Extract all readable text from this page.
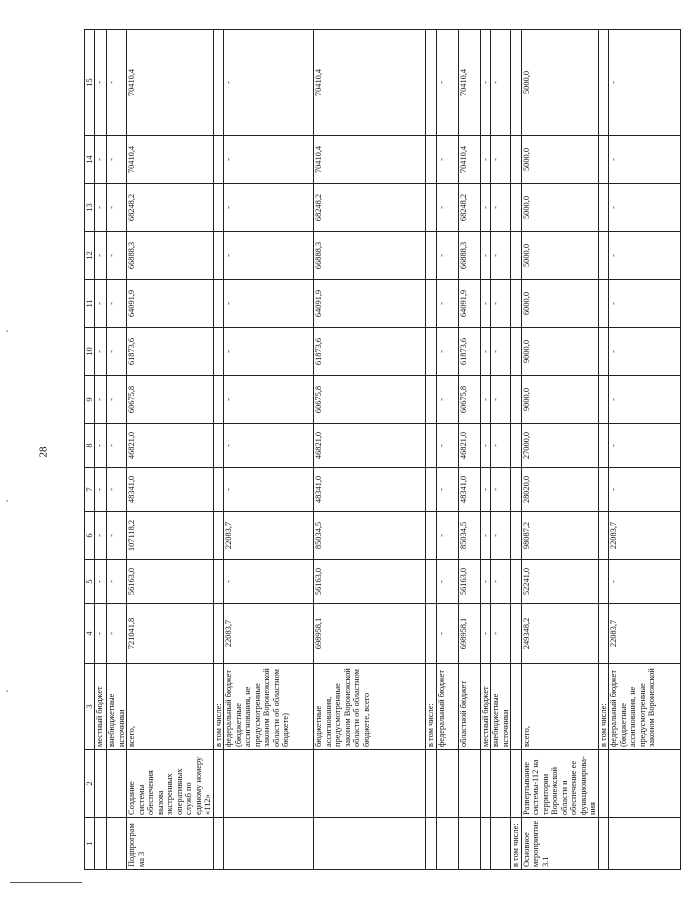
28
1	2	3	4	5	6	7	8	9	10	11	12	13	14	15
		местный бюджет	-	-	-	-	-	-	-	-	-	-	-	-
		внебюджетные источники	-	-	-	-	-	-	-	-	-	-	-	-
Подпрограмма 3	Создание системы обеспечения вызова экстренных оперативных служб по единому номеру «112»	всего,	721041,8	56163,0	107118,2	48341,0	46821,0	60675,8	61873,6	64091,9	66888,3	68248,2	70410,4	70410,4
		в том числе:												
		федеральный бюджет (бюджетные ассигнования, не предусмотренные законом Воронежской области об областном бюджете)	22083,7	-	22083,7	-	-	-	-	-	-	-	-	-
		бюджетные ассигнования, предусмотренные законом Воронежской области об областном бюджете, всего	698958,1	56163,0	85034,5	48341,0	46821,0	60675,8	61873,6	64091,9	66888,3	68248,2	70410,4	70410,4
		в том числе:												
		федеральный бюджет	-	-	-	-	-	-	-	-	-	-	-	-
		областной бюджет	698958,1	56163,0	85034,5	48341,0	46821,0	60675,8	61873,6	64091,9	66888,3	68248,2	70410,4	70410,4
		местный бюджет	-	-	-	-	-	-	-	-	-	-	-	-
		внебюджетные источники	-	-	-	-	-	-	-	-	-	-	-	-
в том числе:														
Основное мероприятие 3.1	Развертывание системы-112 на территории Воронежской области и обеспечение ее функционирова-ния	всего,	249348,2	52241,0	98087,2	28020,0	27000,0	9000,0	9000,0	6000,0	5000,0	5000,0	5000,0	5000,0
		в том числе:												
		федеральный бюджет (бюджетные ассигнования, не предусмотренные законом Воронежской	22083,7	-	22083,7	-	-	-	-	-	-	-	-	-
